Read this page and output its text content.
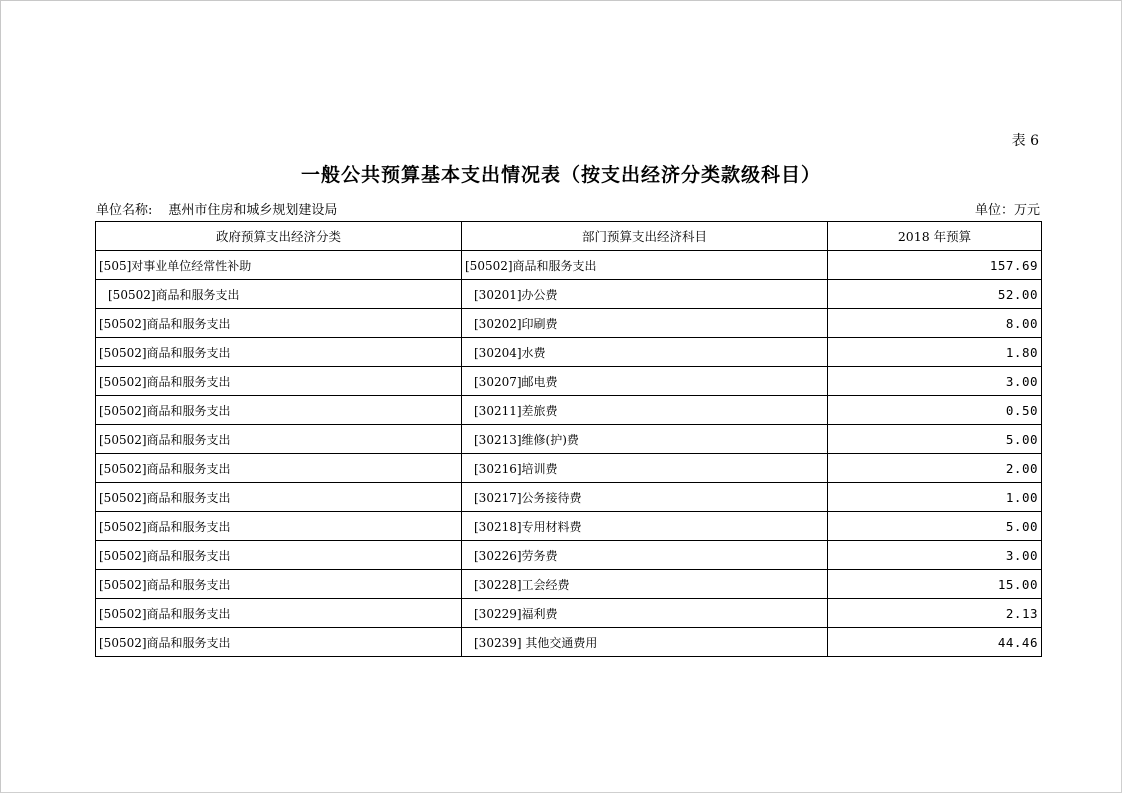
表 6
一般公共预算基本支出情况表（按支出经济分类款级科目）
单位名称: 惠州市住房和城乡规划建设局	单位：万元
政府预算支出经济分类	部门预算支出经济科目	2018 年预算
[505]对事业单位经常性补助	[50502]商品和服务支出	157.69
[50502]商品和服务支出	[30201]办公费	52.00
[50502]商品和服务支出	[30202]印刷费	8.00
[50502]商品和服务支出	[30204]水费	1.80
[50502]商品和服务支出	[30207]邮电费	3.00
[50502]商品和服务支出	[30211]差旅费	0.50
[50502]商品和服务支出	[30213]维修(护)费	5.00
[50502]商品和服务支出	[30216]培训费	2.00
[50502]商品和服务支出	[30217]公务接待费	1.00
[50502]商品和服务支出	[30218]专用材料费	5.00
[50502]商品和服务支出	[30226]劳务费	3.00
[50502]商品和服务支出	[30228]工会经费	15.00
[50502]商品和服务支出	[30229]福利费	2.13
[50502]商品和服务支出	[30239] 其他交通费用	44.46
